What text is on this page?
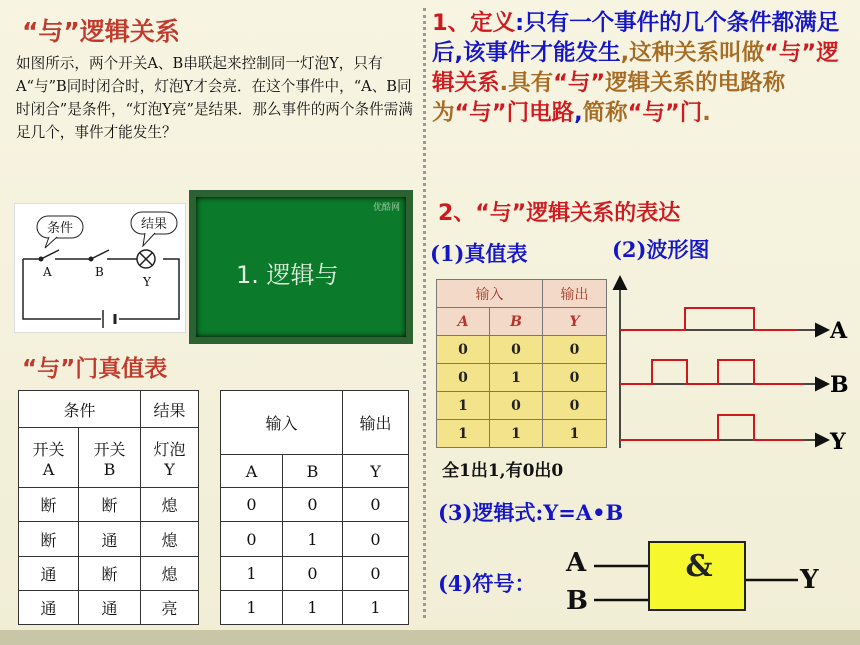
“与”逻辑关系
如图所示，两个开关A、B串联起来控制同一灯泡Y，只有A“与”B同时闭合时，灯泡Y才会亮．在这个事件中，“A、B同时闭合”是条件，“灯泡Y亮”是结果．那么事件的两个条件需满足几个，事件才能发生？
条件	结果
A	B
Y
优酷网
1. 逻辑与
“与”门真值表
条件		结果
开关A	开关B	灯泡Y
断	断	熄
断	通	熄
通	断	熄
通	通	亮
输入		输出
A	B	Y
0	0	0
0	1	0
1	0	0
1	1	1
1、定义:只有一个事件的几个条件都满足后,该事件才能发生,这种关系叫做“与”逻辑关系.具有“与”逻辑关系的电路称为“与”门电路,简称“与”门.
2、“与”逻辑关系的表达
(1)真值表	(2)波形图
输入		输出
A	B	Y
0	0	0
0	1	0
1	0	0
1	1	1
A
B
Y
全1出1,有0出0
(3)逻辑式:Y=A•B
(4)符号：
A
B
Y
&
